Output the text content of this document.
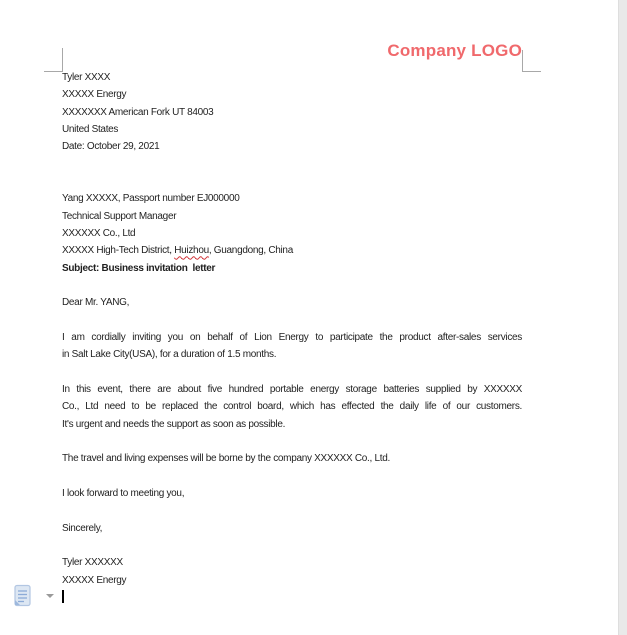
Company LOGO
Tyler XXXX
XXXXX Energy
XXXXXXX American Fork UT 84003
United States
Date: October 29, 2021
Yang XXXXX, Passport number EJ000000
Technical Support Manager
XXXXXX Co., Ltd
XXXXX High-Tech District, Huizhou, Guangdong, China
Subject: Business invitation  letter
Dear Mr. YANG,
I am cordially inviting you on behalf of Lion Energy to participate the product after-sales services
in Salt Lake City(USA), for a duration of 1.5 months.
In this event, there are about five hundred portable energy storage batteries supplied by XXXXXX
Co., Ltd need to be replaced the control board, which has effected the daily life of our customers.
It's urgent and needs the support as soon as possible.
The travel and living expenses will be borne by the company XXXXXX Co., Ltd.
I look forward to meeting you,
Sincerely,
Tyler XXXXXX
XXXXX Energy
